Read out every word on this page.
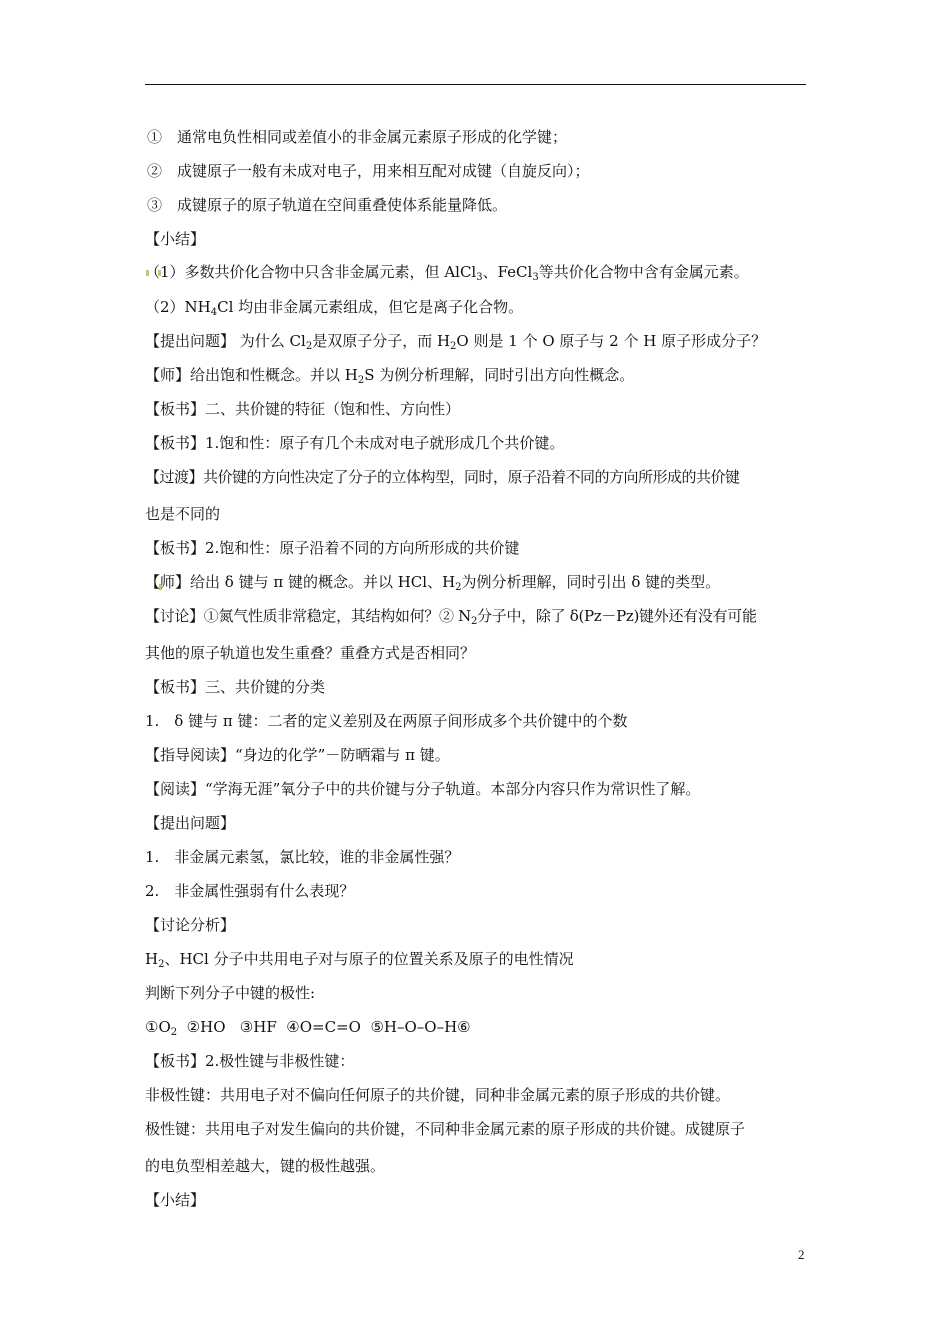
①　通常电负性相同或差值小的非金属元素原子形成的化学键；
②　成键原子一般有未成对电子，用来相互配对成键（自旋反向）；
③　成键原子的原子轨道在空间重叠使体系能量降低。
【小结】
（1）多数共价化合物中只含非金属元素，但 AlCl$_3$、FeCl$_3$等共价化合物中含有金属元素。
$(2)NH_4Cl$ 均由非金属元素组成，但它是离子化合物。
【提出问题】 为什么 $Cl_2$是双原子分子，而 $H_2O$ 则是 1 个 O 原子与 2 个 H 原子形成分子？
【师】给出饱和性概念。并以 $H_2S$ 为例分析理解，同时引出方向性概念。
【板书】二、共价键的特征（饱和性、方向性）
【板书】1.饱和性：原子有几个未成对电子就形成几个共价键。
【过渡】共价键的方向性决定了分子的立体构型，同时，原子沿着不同的方向所形成的共价键
也是不同的
【板书】2.饱和性：原子沿着不同的方向所形成的共价键
【师】给出 δ 键与 π 键的概念。并以 HCl、$H_2$为例分析理解，同时引出 δ 键的类型。
【讨论】①氮气性质非常稳定，其结构如何？② $N_2$分子中，除了 δ(Pz－Pz)键外还有没有可能
其他的原子轨道也发生重叠？重叠方式是否相同？
【板书】三、共价键的分类
1.　δ 键与 π 键：二者的定义差别及在两原子间形成多个共价键中的个数
【指导阅读】“身边的化学”－防晒霜与 π 键。
【阅读】“学海无涯”氧分子中的共价键与分子轨道。本部分内容只作为常识性了解。
【提出问题】
1.　非金属元素氢，氯比较，谁的非金属性强？
2.　非金属性强弱有什么表现？
【讨论分析】
$H_2$、HCl 分子中共用电子对与原子的位置关系及原子的电性情况
判断下列分子中键的极性:
$①O_2$  ②HO   ③HF  ④O=C=O  ⑤H–O–O–H⑥
【板书】2.极性键与非极性键：
非极性键：共用电子对不偏向任何原子的共价键，同种非金属元素的原子形成的共价键。
极性键：共用电子对发生偏向的共价键，不同种非金属元素的原子形成的共价键。成键原子
的电负型相差越大，键的极性越强。
【小结】
2
